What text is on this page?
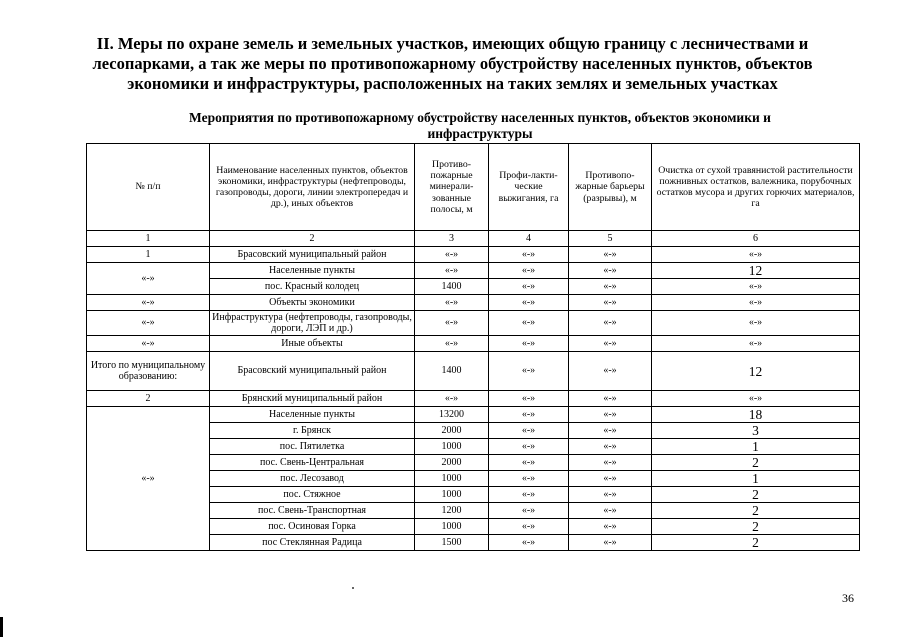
II. Меры по охране земель и земельных участков, имеющих общую границу с лесничествами и
лесопарками, а так же меры по противопожарному обустройству населенных пунктов, объектов
экономики и инфраструктуры, расположенных на таких землях и земельных участках
Мероприятия по противопожарному обустройству населенных пунктов, объектов экономики и
инфраструктуры
№ п/п	Наименование населенных пунктов, объектов экономики, инфраструктуры (нефтепроводы, газопроводы, дороги, линии электропередач и др.), иных объектов	Противо-пожарные минерали-зованные полосы, м	Профи-лакти-ческие выжигания, га	Противопо-жарные барьеры (разрывы), м	Очистка от сухой травянистой растительности пожнивных остатков, валежника, порубочных остатков мусора и других горючих материалов, га
1	2	3	4	5	6
1	Брасовский муниципальный район	«-»	«-»	«-»	«-»
«-»	Населенные пункты	«-»	«-»	«-»	12
	пос. Красный колодец	1400	«-»	«-»	«-»
«-»	Объекты экономики	«-»	«-»	«-»	«-»
«-»	Инфраструктура (нефтепроводы, газопроводы, дороги, ЛЭП и др.)	«-»	«-»	«-»	«-»
«-»	Иные объекты	«-»	«-»	«-»	«-»
Итого по муниципальному образованию:	Брасовский муниципальный район	1400	«-»	«-»	12
2	Брянский муниципальный район	«-»	«-»	«-»	«-»
«-»	Населенные пункты	13200	«-»	«-»	18
	г. Брянск	2000	«-»	«-»	3
	пос. Пятилетка	1000	«-»	«-»	1
	пос. Свень-Центральная	2000	«-»	«-»	2
	пос. Лесозавод	1000	«-»	«-»	1
	пос. Стяжное	1000	«-»	«-»	2
	пос. Свень-Транспортная	1200	«-»	«-»	2
	пос. Осиновая Горка	1000	«-»	«-»	2
	пос Стеклянная Радица	1500	«-»	«-»	2
36
